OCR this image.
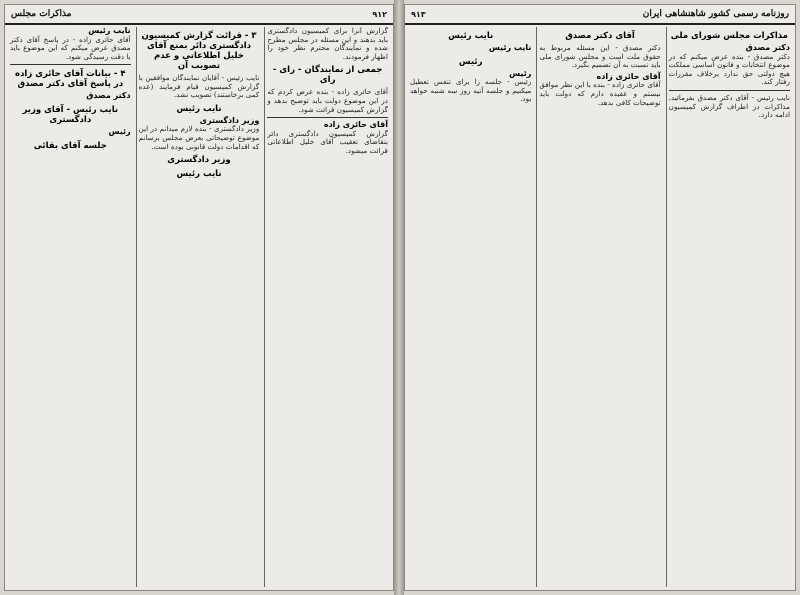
۹۱۲
مذاکرات مجلس

گزارش آنرا برای کمیسیون دادگستری باید بدهند و این مسئله در مجلس مطرح شده و نمایندگان محترم نظر خود را اظهار فرمودند.

جمعی از نمایندگان - رای - رای

آقای حائری زاده - بنده عرض کردم که در این موضوع دولت باید توضیح بدهد و گزارش کمیسیون قرائت شود.

آقای حائری زاده

گزارش کمیسیون دادگستری دائر بتقاضای تعقیب آقای خلیل اطلاعاتی قرائت میشود.

۳ - قرائت گزارش کمیسیون دادگستری دائر بمنع آقای خلیل اطلاعاتی و عدم تصویب آن

نایب رئیس - آقایان نمایندگان موافقین با گزارش کمیسیون قیام فرمایند (عده کمی برخاستند) تصویب نشد.

نایب رئیس
وزیر دادگستری

وزیر دادگستری - بنده لازم میدانم در این موضوع توضیحاتی بعرض مجلس برسانم که اقدامات دولت قانونی بوده است.

وزیر دادگستری
نایب رئیس
نایب رئیس

آقای حائری زاده - در پاسخ آقای دکتر مصدق عرض میکنم که این موضوع باید با دقت رسیدگی شود.

۴ - بیانات آقای حائری زاده در پاسخ آقای دکتر مصدق
دکتر مصدق
نایب رئیس - آقای وزیر دادگستری
رئیس
جلسه آقای بقائی
روزنامه رسمی کشور شاهنشاهی ایران
۹۱۳
مذاکرات مجلس شورای ملی
دکتر مصدق

دکتر مصدق - بنده عرض میکنم که در موضوع انتخابات و قانون اساسی مملکت هیچ دولتی حق ندارد برخلاف مقررات رفتار کند.

نایب رئیس - آقای دکتر مصدق بفرمائید. مذاکرات در اطراف گزارش کمیسیون ادامه دارد.

آقای دکتر مصدق

دکتر مصدق - این مسئله مربوط به حقوق ملت است و مجلس شورای ملی باید نسبت به آن تصمیم بگیرد.

آقای حائری زاده

آقای حائری زاده - بنده با این نظر موافق نیستم و عقیده دارم که دولت باید توضیحات کافی بدهد.

نایب رئیس
نایب رئیس
رئیس
رئیس

رئیس - جلسه را برای تنفس تعطیل میکنیم و جلسه آتیه روز سه شنبه خواهد بود.
